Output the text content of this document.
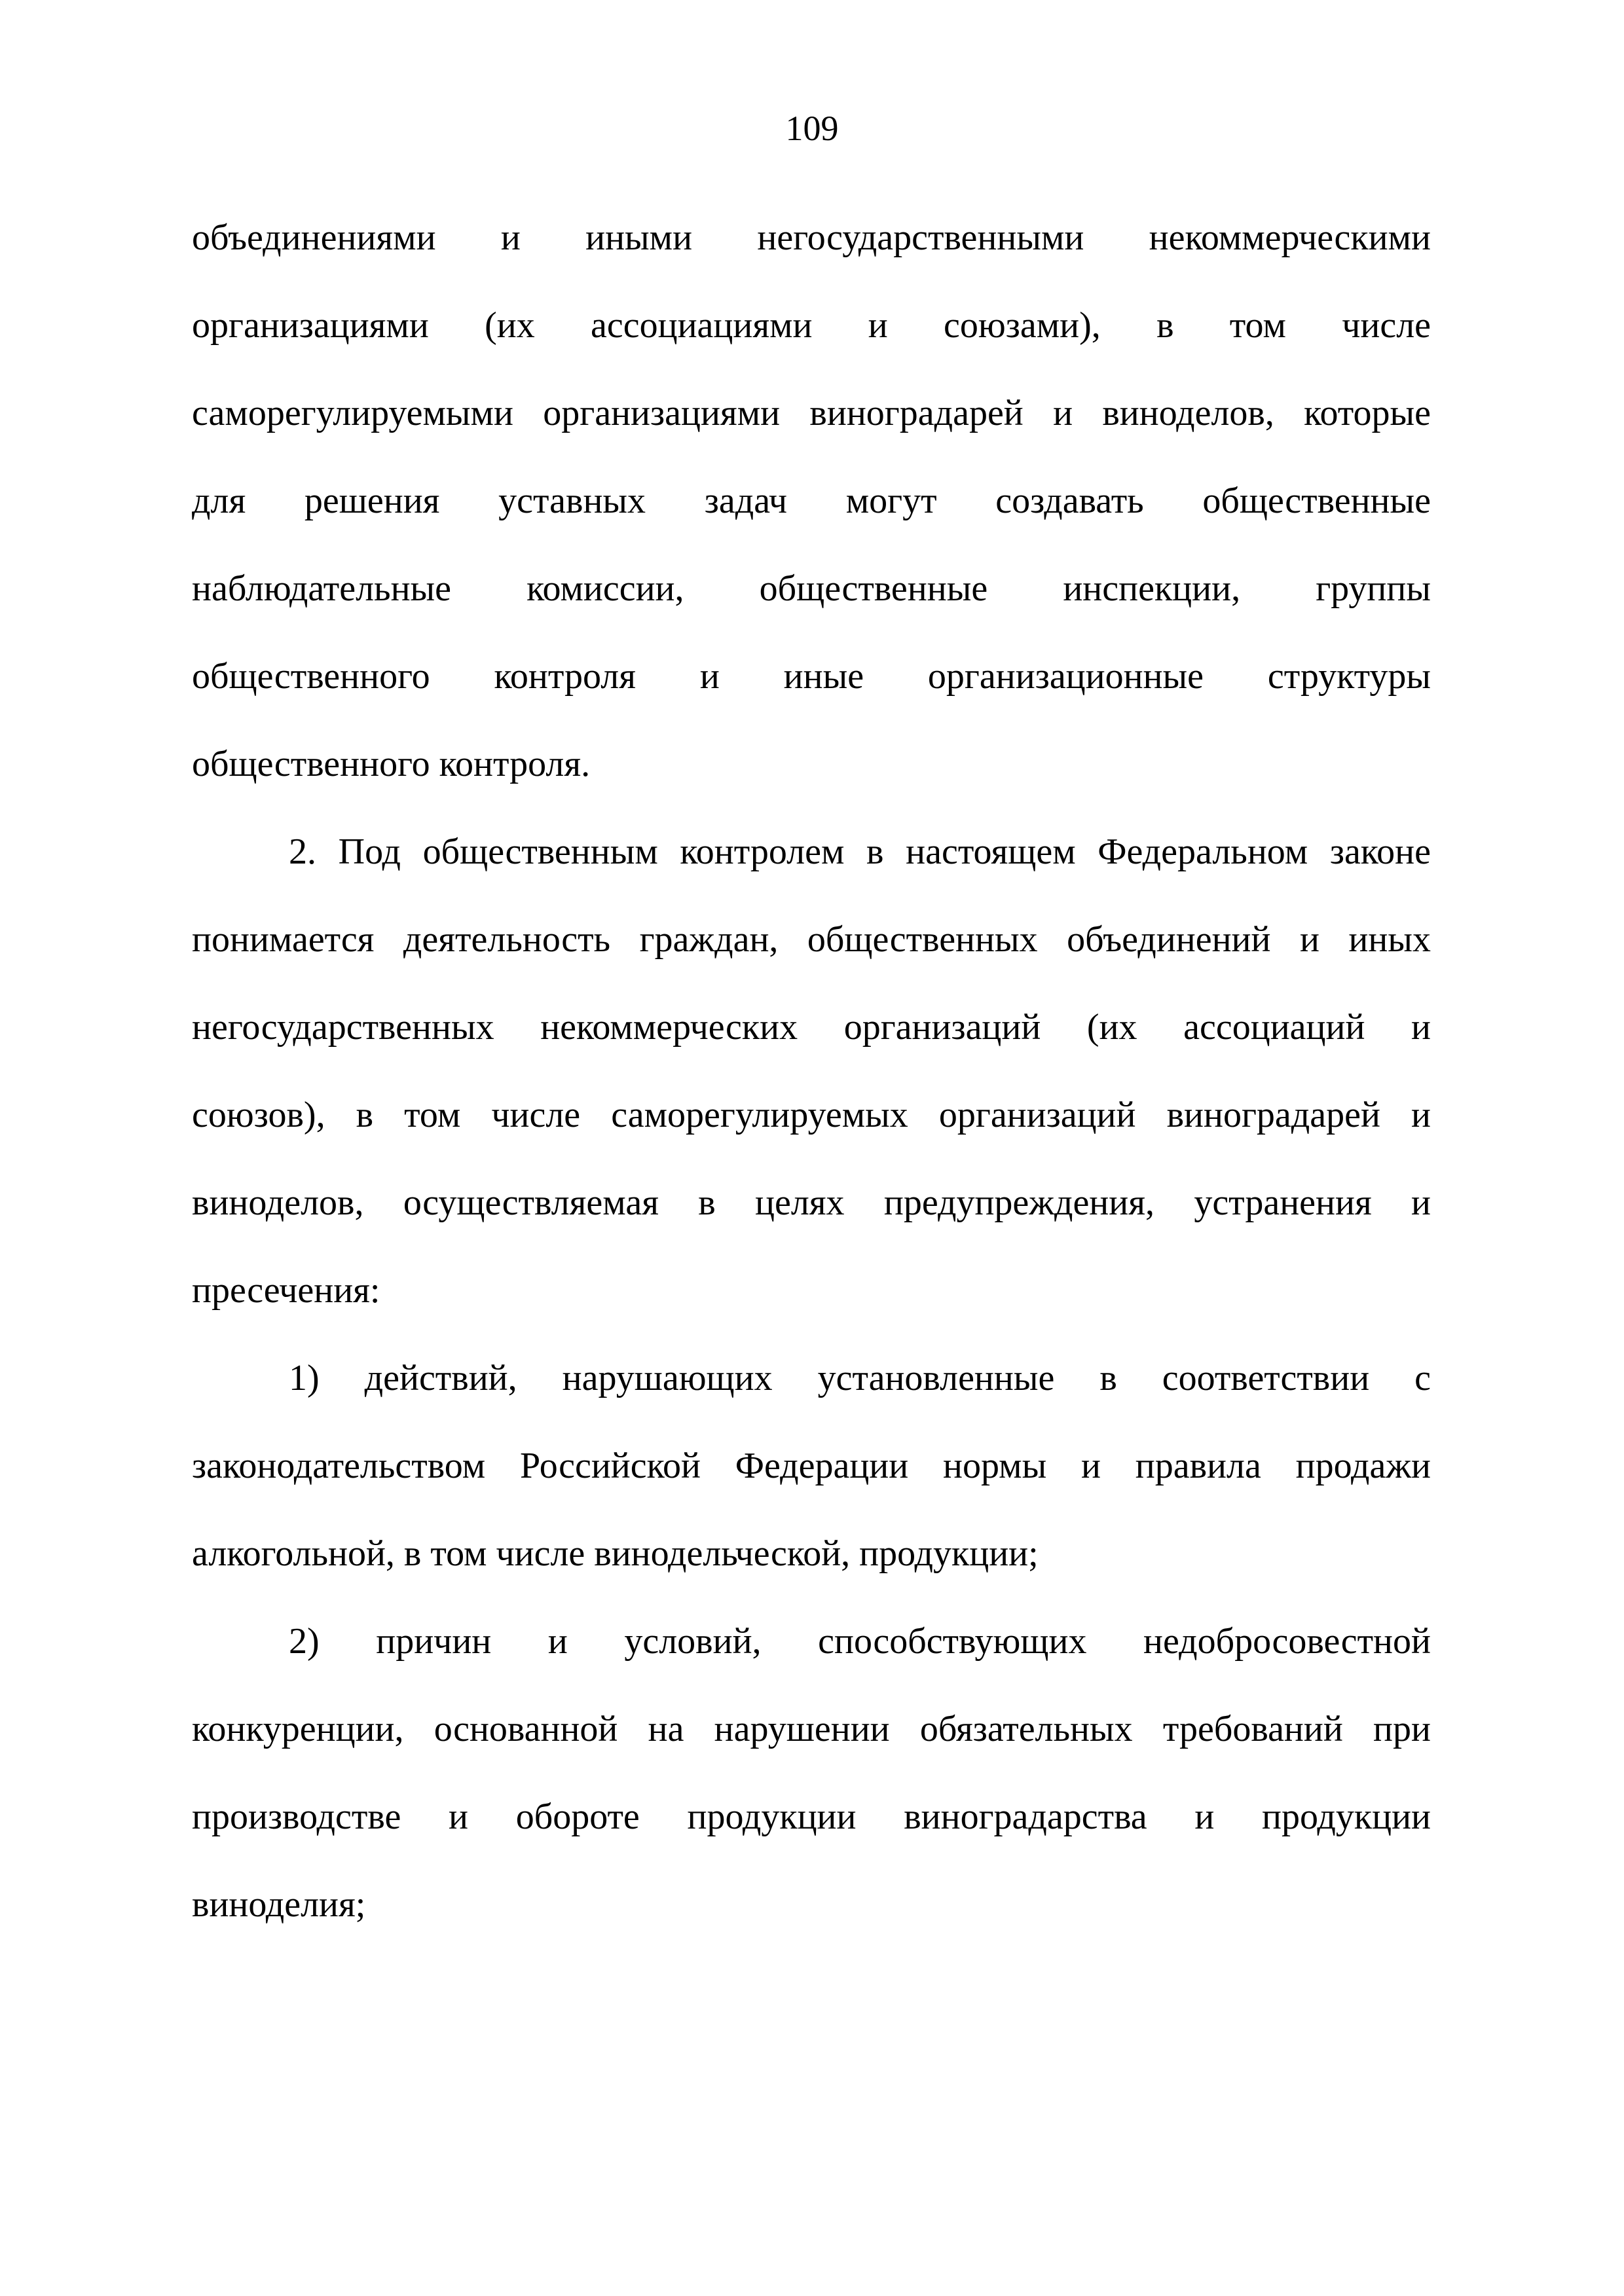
109
объединениями и иными негосударственными некоммерческими
организациями (их ассоциациями и союзами), в том числе
саморегулируемыми организациями виноградарей и виноделов, которые
для решения уставных задач могут создавать общественные
наблюдательные комиссии, общественные инспекции, группы
общественного контроля и иные организационные структуры
общественного контроля.
2. Под общественным контролем в настоящем Федеральном законе
понимается деятельность граждан, общественных объединений и иных
негосударственных некоммерческих организаций (их ассоциаций и
союзов), в том числе саморегулируемых организаций виноградарей и
виноделов, осуществляемая в целях предупреждения, устранения и
пресечения:
1) действий, нарушающих установленные в соответствии с
законодательством Российской Федерации нормы и правила продажи
алкогольной, в том числе винодельческой, продукции;
2) причин и условий, способствующих недобросовестной
конкуренции, основанной на нарушении обязательных требований при
производстве и обороте продукции виноградарства и продукции
виноделия;
